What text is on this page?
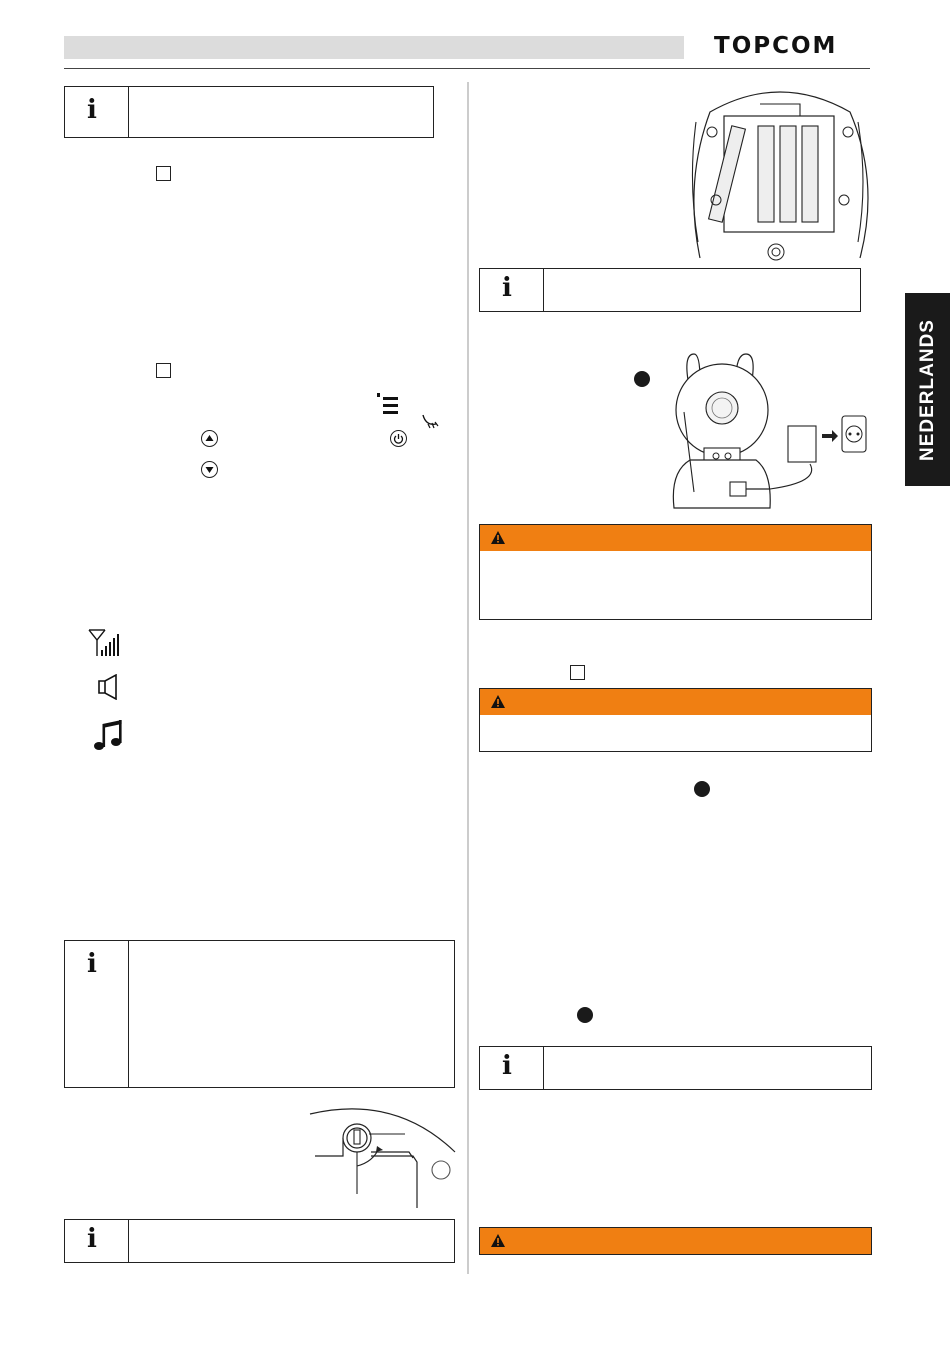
TOPCOM
NEDERLANDS
i
i
i
i
i
